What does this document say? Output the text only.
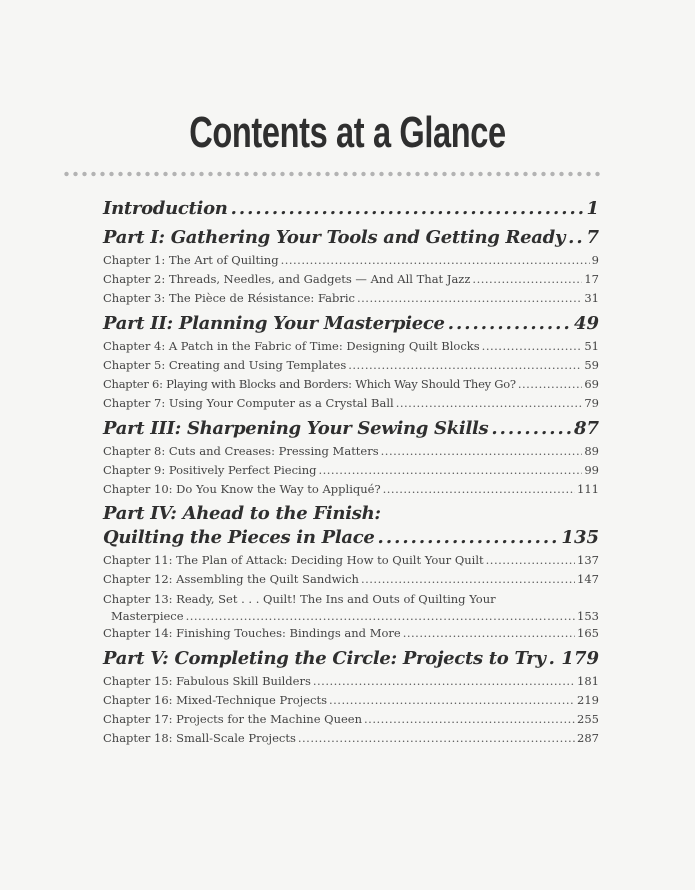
Contents at a Glance
Introduction .....	1
Part I: Gathering Your Tools and Getting Ready ..... 7
Chapter 1: The Art of Quilting .....	9
Chapter 2: Threads, Needles, and Gadgets — And All That Jazz .....	17
Chapter 3: The Pièce de Résistance: Fabric .....	31
Part II: Planning Your Masterpiece .....	49
Chapter 4: A Patch in the Fabric of Time: Designing Quilt Blocks .....	51
Chapter 5: Creating and Using Templates .....	59
Chapter 6: Playing with Blocks and Borders: Which Way Should They Go? .....	69
Chapter 7: Using Your Computer as a Crystal Ball .....	79
Part III: Sharpening Your Sewing Skills .....	87
Chapter 8: Cuts and Creases: Pressing Matters .....	89
Chapter 9: Positively Perfect Piecing .....	99
Chapter 10: Do You Know the Way to Appliqué? .....	111
Part IV: Ahead to the Finish:
Quilting the Pieces in Place .....	135
Chapter 11: The Plan of Attack: Deciding How to Quilt Your Quilt .....	137
Chapter 12: Assembling the Quilt Sandwich .....	147
Chapter 13: Ready, Set . . . Quilt! The Ins and Outs of Quilting Your
Masterpiece .....	153
Chapter 14: Finishing Touches: Bindings and More .....	165
Part V: Completing the Circle: Projects to Try ..... 179
Chapter 15: Fabulous Skill Builders .....	181
Chapter 16: Mixed-Technique Projects .....	219
Chapter 17: Projects for the Machine Queen .....	255
Chapter 18: Small-Scale Projects .....	287
